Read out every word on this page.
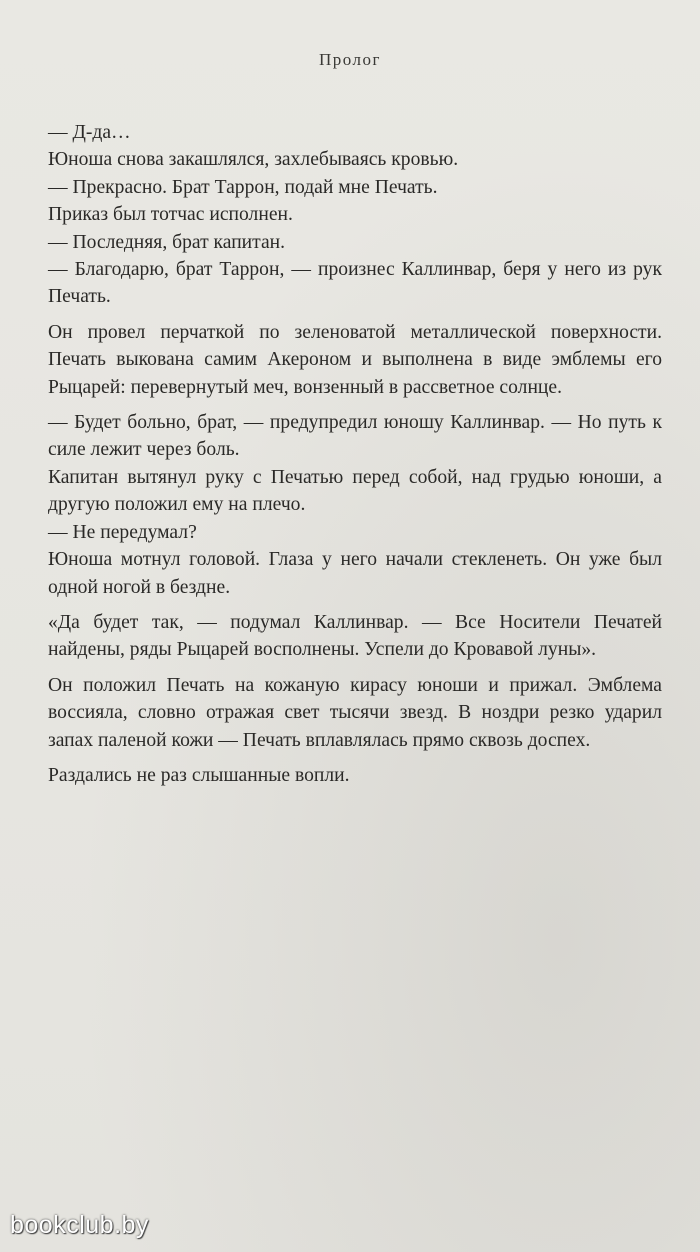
Пролог

— Д-да…

Юноша снова закашлялся, захлебываясь кровью.

— Прекрасно. Брат Таррон, подай мне Печать.

Приказ был тотчас исполнен.

— Последняя, брат капитан.

— Благодарю, брат Таррон, — произнес Каллинвар, беря у него из рук Печать.

Он провел перчаткой по зеленоватой металлической поверхности. Печать выкована самим Акероном и выполнена в виде эмблемы его Рыцарей: перевернутый меч, вонзенный в рассветное солнце.

— Будет больно, брат, — предупредил юношу Каллинвар. — Но путь к силе лежит через боль.

Капитан вытянул руку с Печатью перед собой, над грудью юноши, а другую положил ему на плечо.

— Не передумал?

Юноша мотнул головой. Глаза у него начали стекленеть. Он уже был одной ногой в бездне.

«Да будет так, — подумал Каллинвар. — Все Носители Печатей найдены, ряды Рыцарей восполнены. Успели до Кровавой луны».

Он положил Печать на кожаную кирасу юноши и прижал. Эмблема воссияла, словно отражая свет тысячи звезд. В ноздри резко ударил запах паленой кожи — Печать вплавлялась прямо сквозь доспех.

Раздались не раз слышанные вопли.

bookclub.by
